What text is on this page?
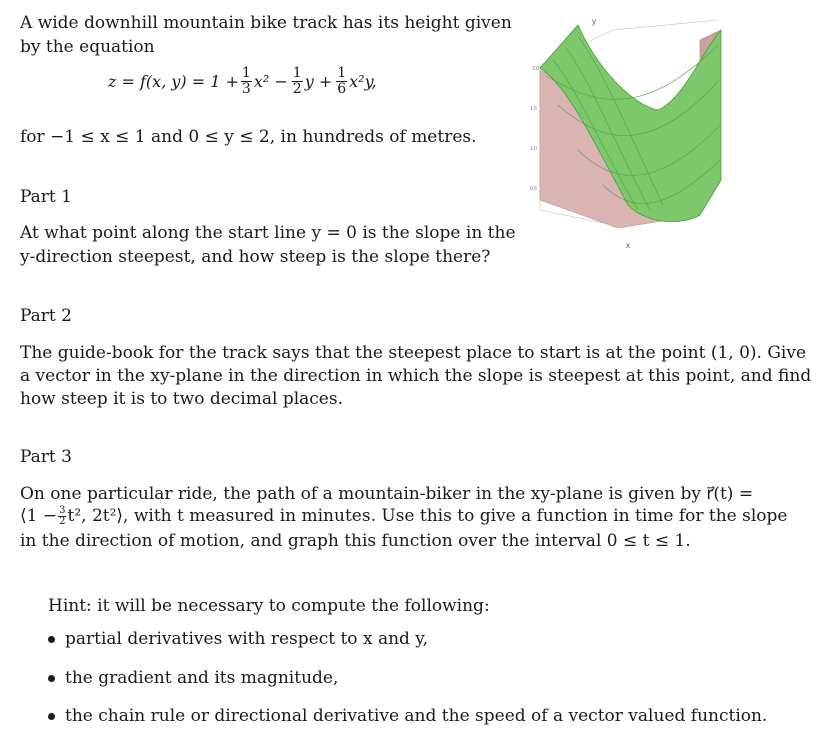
A wide downhill mountain bike track has its height given

by the equation

z = f(x, $y) = 1 + \frac{1}{3} x^2 - \frac{1}{2}$ $y + \frac{1}{6} x^2y$,

for −1 ≤ x ≤ 1 and 0 ≤ y ≤ 2, in hundreds of metres.

Part 1

At what point along the start line y = 0 is the slope in the

y-direction steepest, and how steep is the slope there?

Part 2

The guide-book for the track says that the steepest place to start is at the point (1, 0). Give

a vector in the xy-plane in the direction in which the slope is steepest at this point, and find

how steep it is to two decimal places.

Part 3

On one particular ride, the path of a mountain-biker in the xy-plane is given by r⃗(t) =

⟨1 − $\frac{3}{2} t^2$, 2t²⟩, with t measured in minutes. Use this to give a function in time for the slope

in the direction of motion, and graph this function over the interval 0 ≤ t ≤ 1.

Hint: it will be necessary to compute the following:

partial derivatives with respect to x and y,
the gradient and its magnitude,
the chain rule or directional derivative and the speed of a vector valued function.
y
x
2.0
1.5
1.0
0.5
